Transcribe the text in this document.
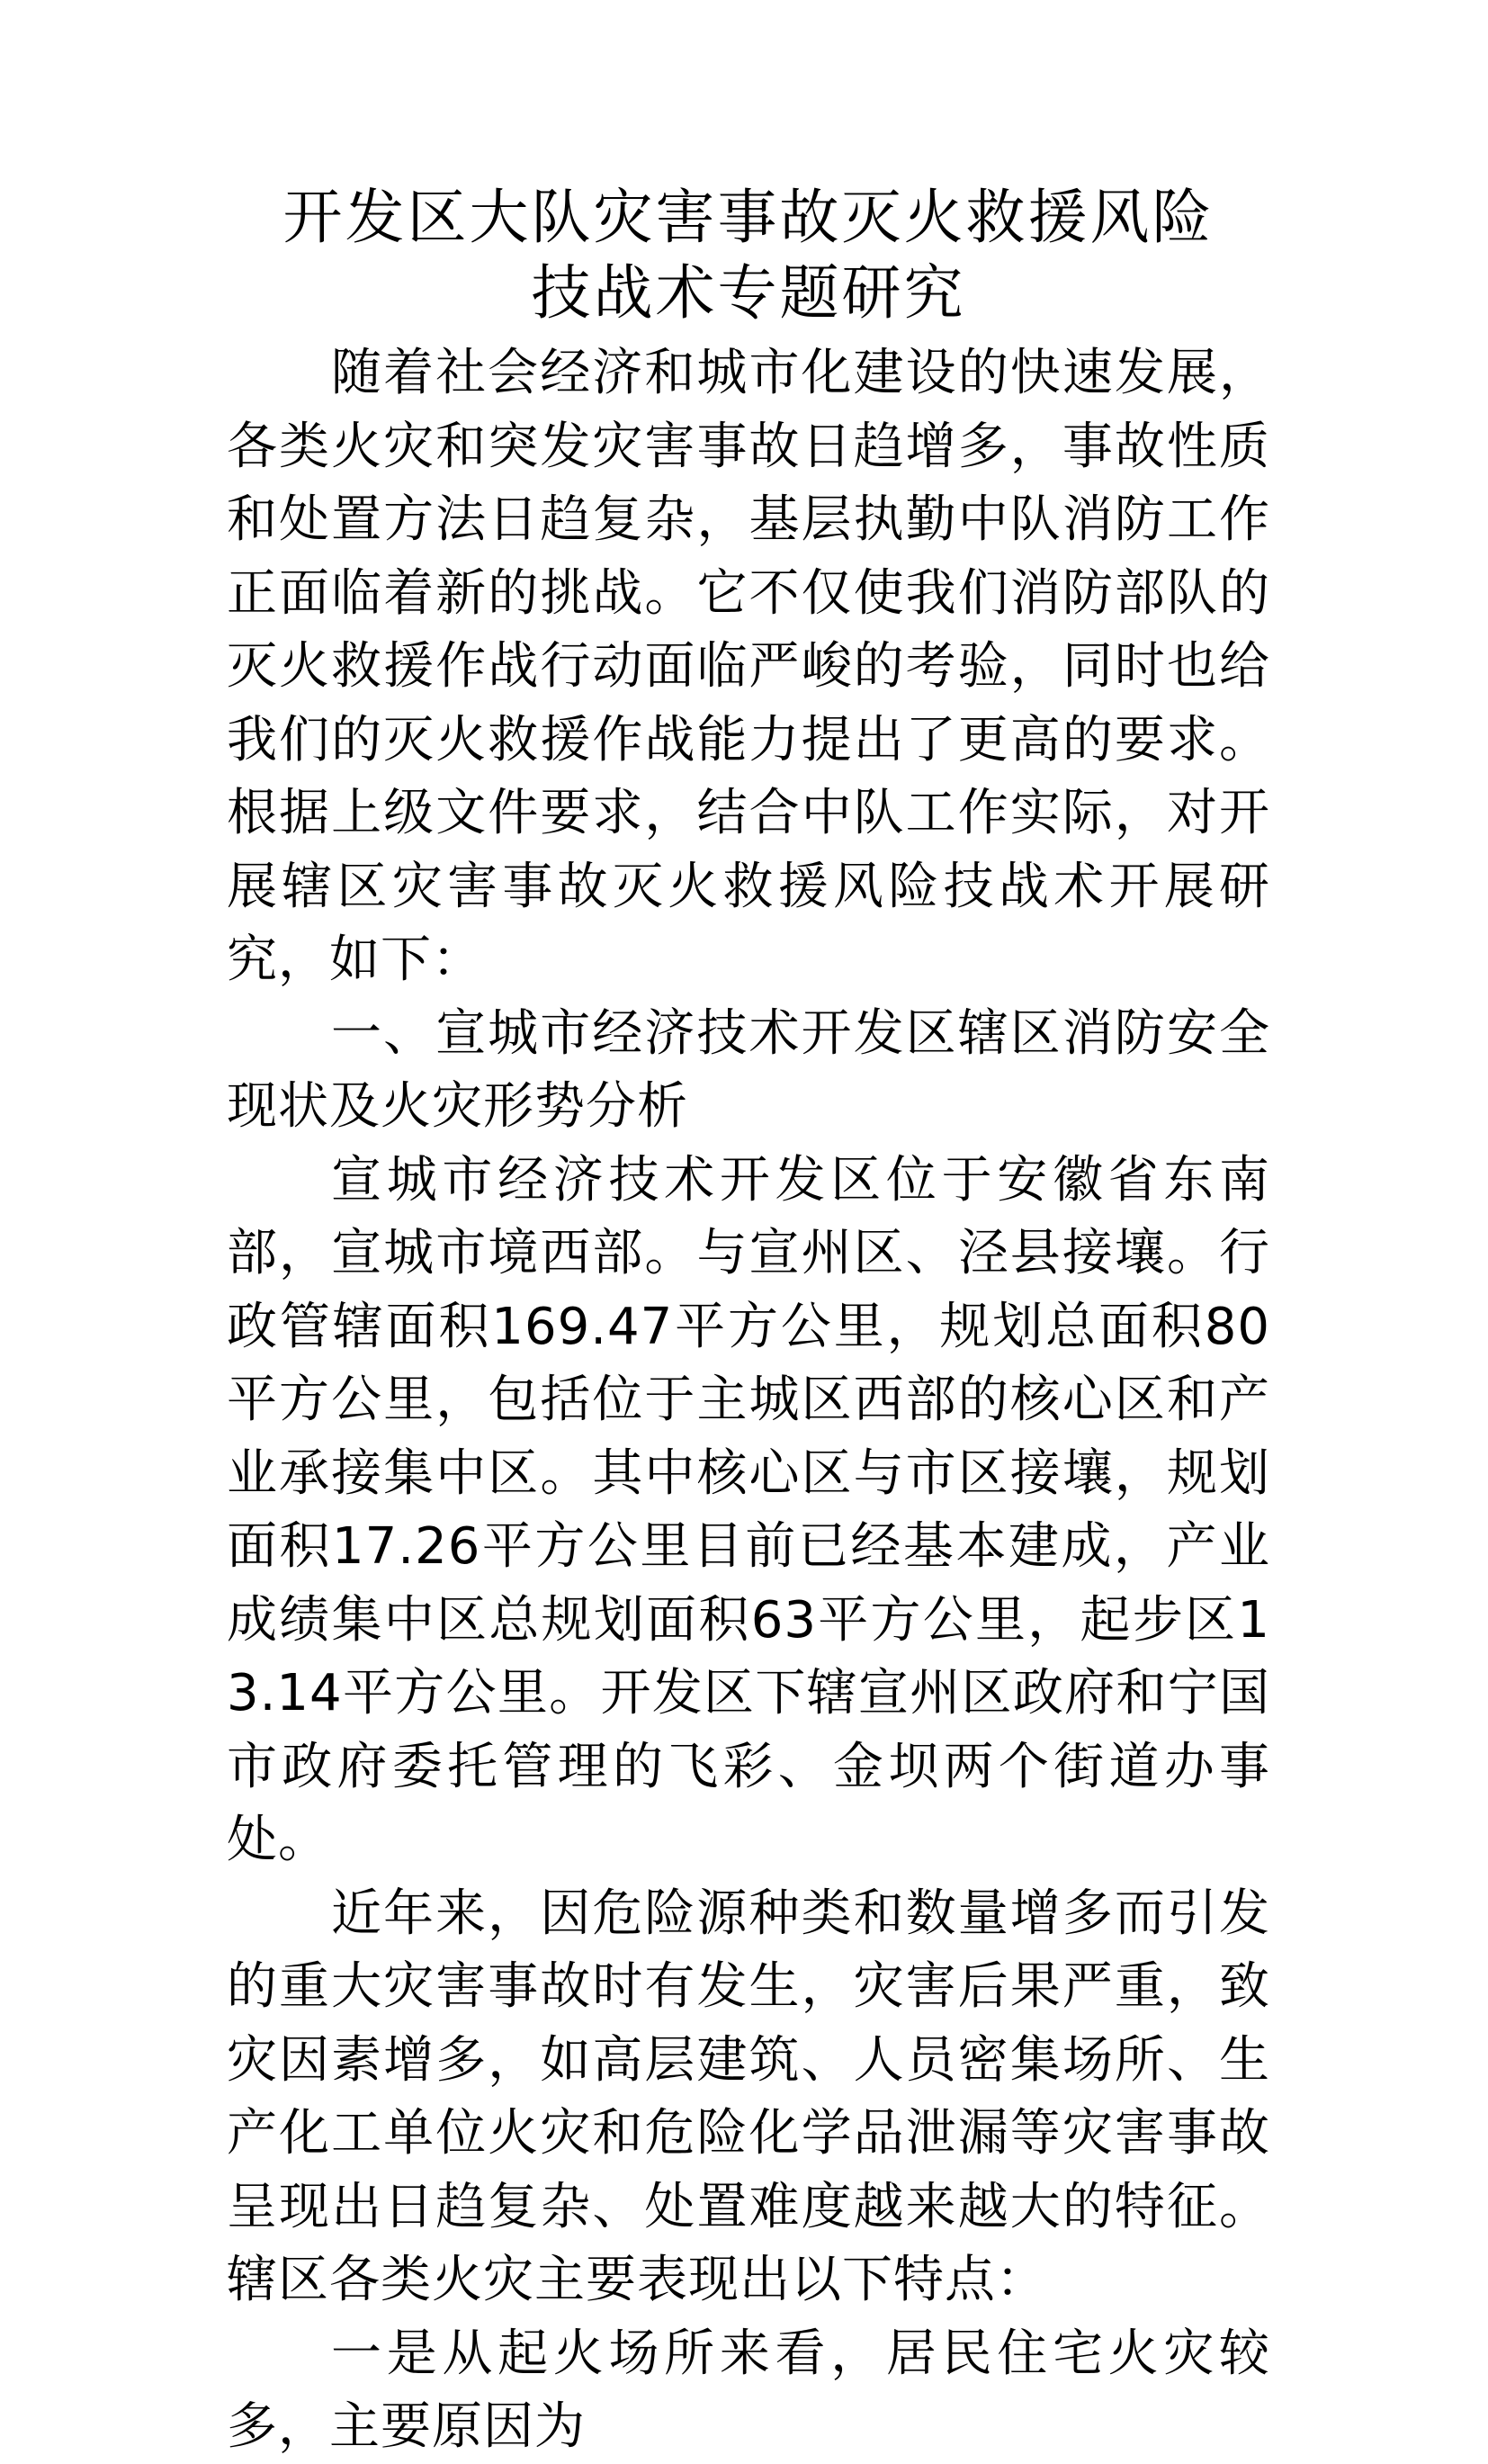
开发区大队灾害事故灭火救援风险
技战术专题研究

随着社会经济和城市化建设的快速发展，各类火灾和突发灾害事故日趋增多，事故性质和处置方法日趋复杂，基层执勤中队消防工作正面临着新的挑战。它不仅使我们消防部队的灭火救援作战行动面临严峻的考验，同时也给我们的灭火救援作战能力提出了更高的要求。根据上级文件要求，结合中队工作实际，对开展辖区灾害事故灭火救援风险技战术开展研究，如下：

一、宣城市经济技术开发区辖区消防安全现状及火灾形势分析

宣城市经济技术开发区位于安徽省东南部，宣城市境西部。与宣州区、泾县接壤。行政管辖面积169.47平方公里，规划总面积80平方公里，包括位于主城区西部的核心区和产业承接集中区。其中核心区与市区接壤，规划面积17.26平方公里目前已经基本建成，产业成绩集中区总规划面积63平方公里，起步区13.14平方公里。开发区下辖宣州区政府和宁国市政府委托管理的飞彩、金坝两个街道办事处。

近年来，因危险源种类和数量增多而引发的重大灾害事故时有发生，灾害后果严重，致灾因素增多，如高层建筑、人员密集场所、生产化工单位火灾和危险化学品泄漏等灾害事故呈现出日趋复杂、处置难度越来越大的特征。辖区各类火灾主要表现出以下特点：

一是从起火场所来看，居民住宅火灾较多，主要原因为
